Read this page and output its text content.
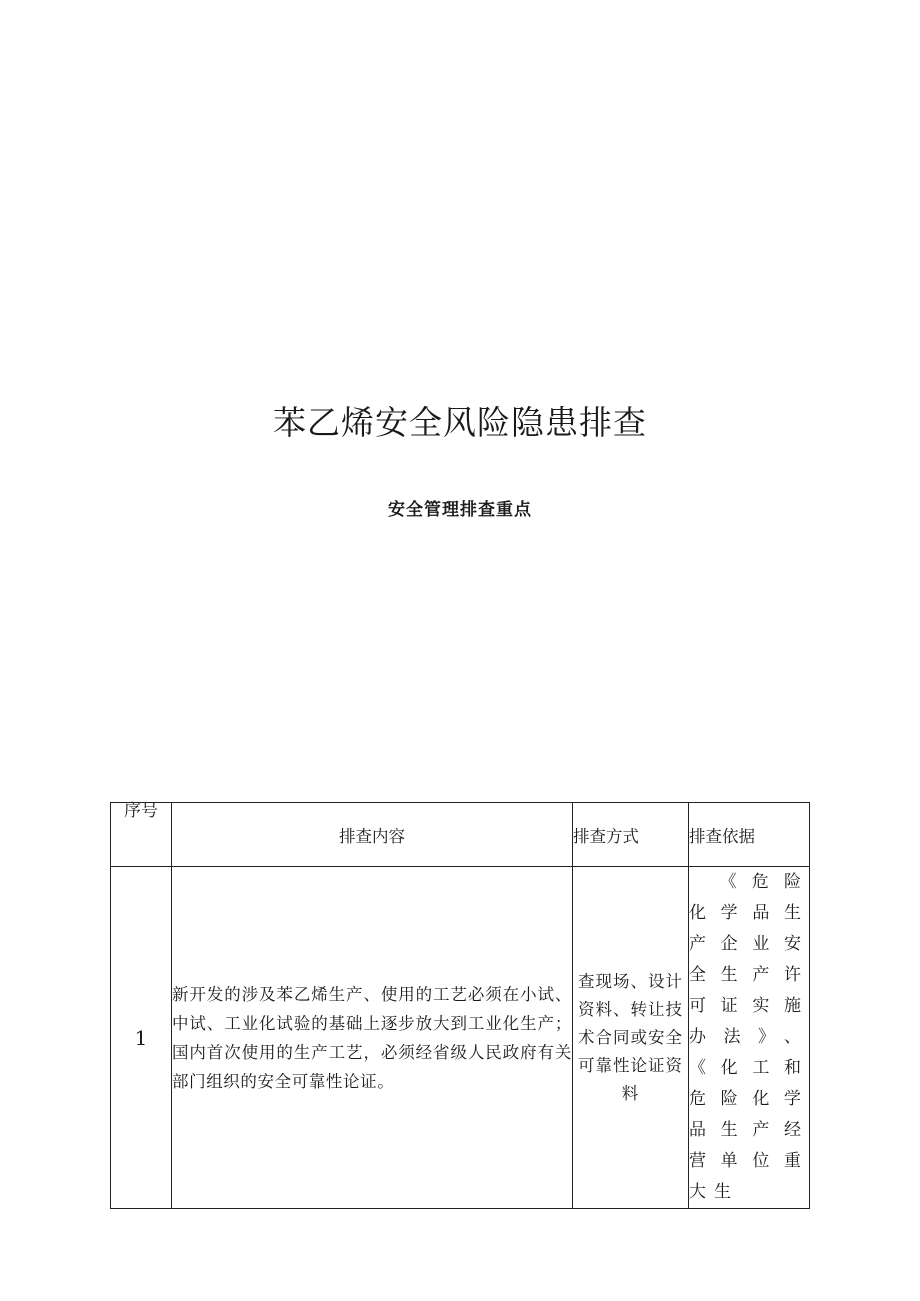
苯乙烯安全风险隐患排查
安全管理排查重点
序号	排查内容	排查方式	排查依据
1	新开发的涉及苯乙烯生产、使用的工艺必须在小试、中试、工业化试验的基础上逐步放大到工业化生产；国内首次使用的生产工艺，必须经省级人民政府有关部门组织的安全可靠性论证。	查现场、设计资料、转让技术合同或安全可靠性论证资料	《危险化学品生产企业安全生产许可证实施办法》、《化工和危险化学品生产经营单位重大生
